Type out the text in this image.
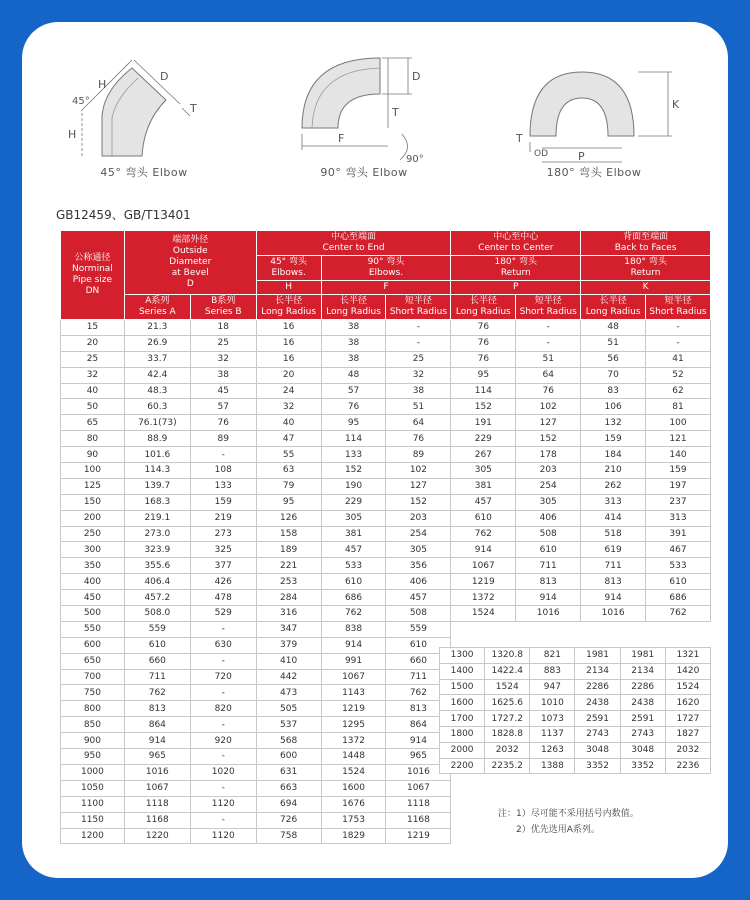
H
H
D
T
45°
45° 弯头 Elbow
D
T
F
90°
90° 弯头 Elbow
K
T
OD	P
180° 弯头 Elbow
GB12459、GB/T13401
公称通径
Norminal
Pipe size
DN	端部外径
Outside
Diameter
at Bevel
D		中心至端面
Center to End			中心至中心
Center to Center		背面至端面
Back to Faces	
			45° 弯头
Elbows.	90° 弯头
Elbows.		180° 弯头
Return		180° 弯头
Return	
			H	F		P		K	
	A系列
Series A	B系列
Series B	长半径
Long Radius	长半径
Long Radius	短半径
Short Radius	长半径
Long Radius	短半径
Short Radius	长半径
Long Radius	短半径
Short Radius
15	21.3	18	16	38	-	76	-	48	-
20	26.9	25	16	38	-	76	-	51	-
25	33.7	32	16	38	25	76	51	56	41
32	42.4	38	20	48	32	95	64	70	52
40	48.3	45	24	57	38	114	76	83	62
50	60.3	57	32	76	51	152	102	106	81
65	76.1(73)	76	40	95	64	191	127	132	100
80	88.9	89	47	114	76	229	152	159	121
90	101.6	-	55	133	89	267	178	184	140
100	114.3	108	63	152	102	305	203	210	159
125	139.7	133	79	190	127	381	254	262	197
150	168.3	159	95	229	152	457	305	313	237
200	219.1	219	126	305	203	610	406	414	313
250	273.0	273	158	381	254	762	508	518	391
300	323.9	325	189	457	305	914	610	619	467
350	355.6	377	221	533	356	1067	711	711	533
400	406.4	426	253	610	406	1219	813	813	610
450	457.2	478	284	686	457	1372	914	914	686
500	508.0	529	316	762	508	1524	1016	1016	762
550	559	-	347	838	559				
600	610	630	379	914	610				
650	660	-	410	991	660				
700	711	720	442	1067	711				
750	762	-	473	1143	762				
800	813	820	505	1219	813				
850	864	-	537	1295	864				
900	914	920	568	1372	914				
950	965	-	600	1448	965				
1000	1016	1020	631	1524	1016				
1050	1067	-	663	1600	1067				
1100	1118	1120	694	1676	1118				
1150	1168	-	726	1753	1168				
1200	1220	1120	758	1829	1219				
1300	1320.8	821	1981	1981	1321
1400	1422.4	883	2134	2134	1420
1500	1524	947	2286	2286	1524
1600	1625.6	1010	2438	2438	1620
1700	1727.2	1073	2591	2591	1727
1800	1828.8	1137	2743	2743	1827
2000	2032	1263	3048	3048	2032
2200	2235.2	1388	3352	3352	2236
注：1）尽可能不采用括号内数值。
2）优先选用A系列。
